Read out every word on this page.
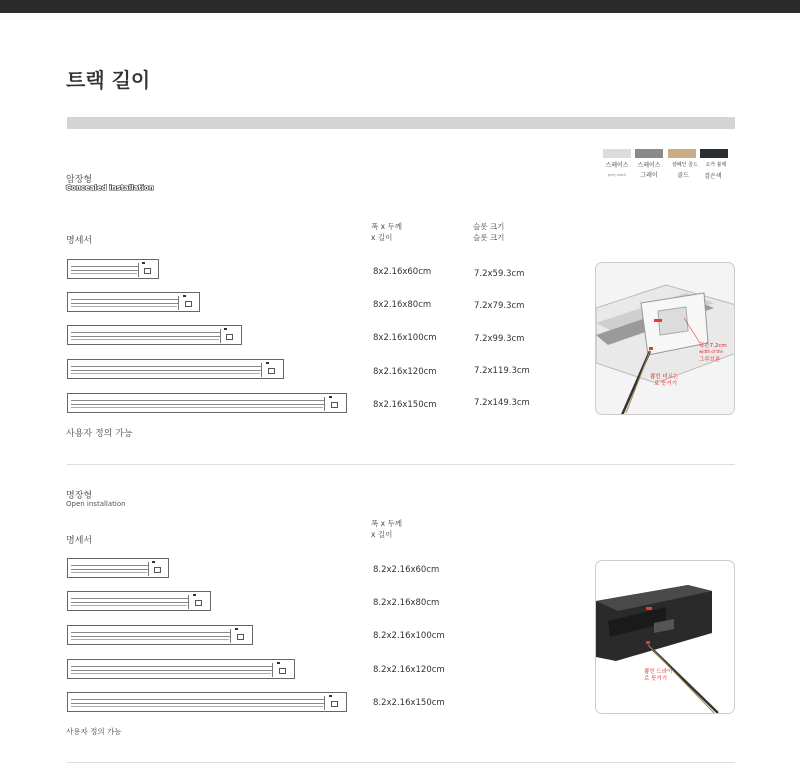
트랙 길이
스페이스
grey stack
스페이스
그레이
샴페인 골드
골드
오카 블랙
검은색
암장형
Concealed installation
폭 x 두께
x 길이
슬롯 크기
슬롯 크기
명세서
8x2.16x60cm
8x2.16x80cm
8x2.16x100cm
8x2.16x120cm
8x2.16x150cm
7.2x59.3cm
7.2x79.3cm
7.2x99.3cm
7.2x119.3cm
7.2x149.3cm
사용자 정의 가능
폭은7.2cm
width of the
그루브폰
뽑힌 미르는
로 뜻거기
명장형
Open installation
폭 x 두께
x 길이
명세서
8.2x2.16x60cm
8.2x2.16x80cm
8.2x2.16x100cm
8.2x2.16x120cm
8.2x2.16x150cm
사용자 정의 가능
뽑힌 드라이
로 뜻거기
